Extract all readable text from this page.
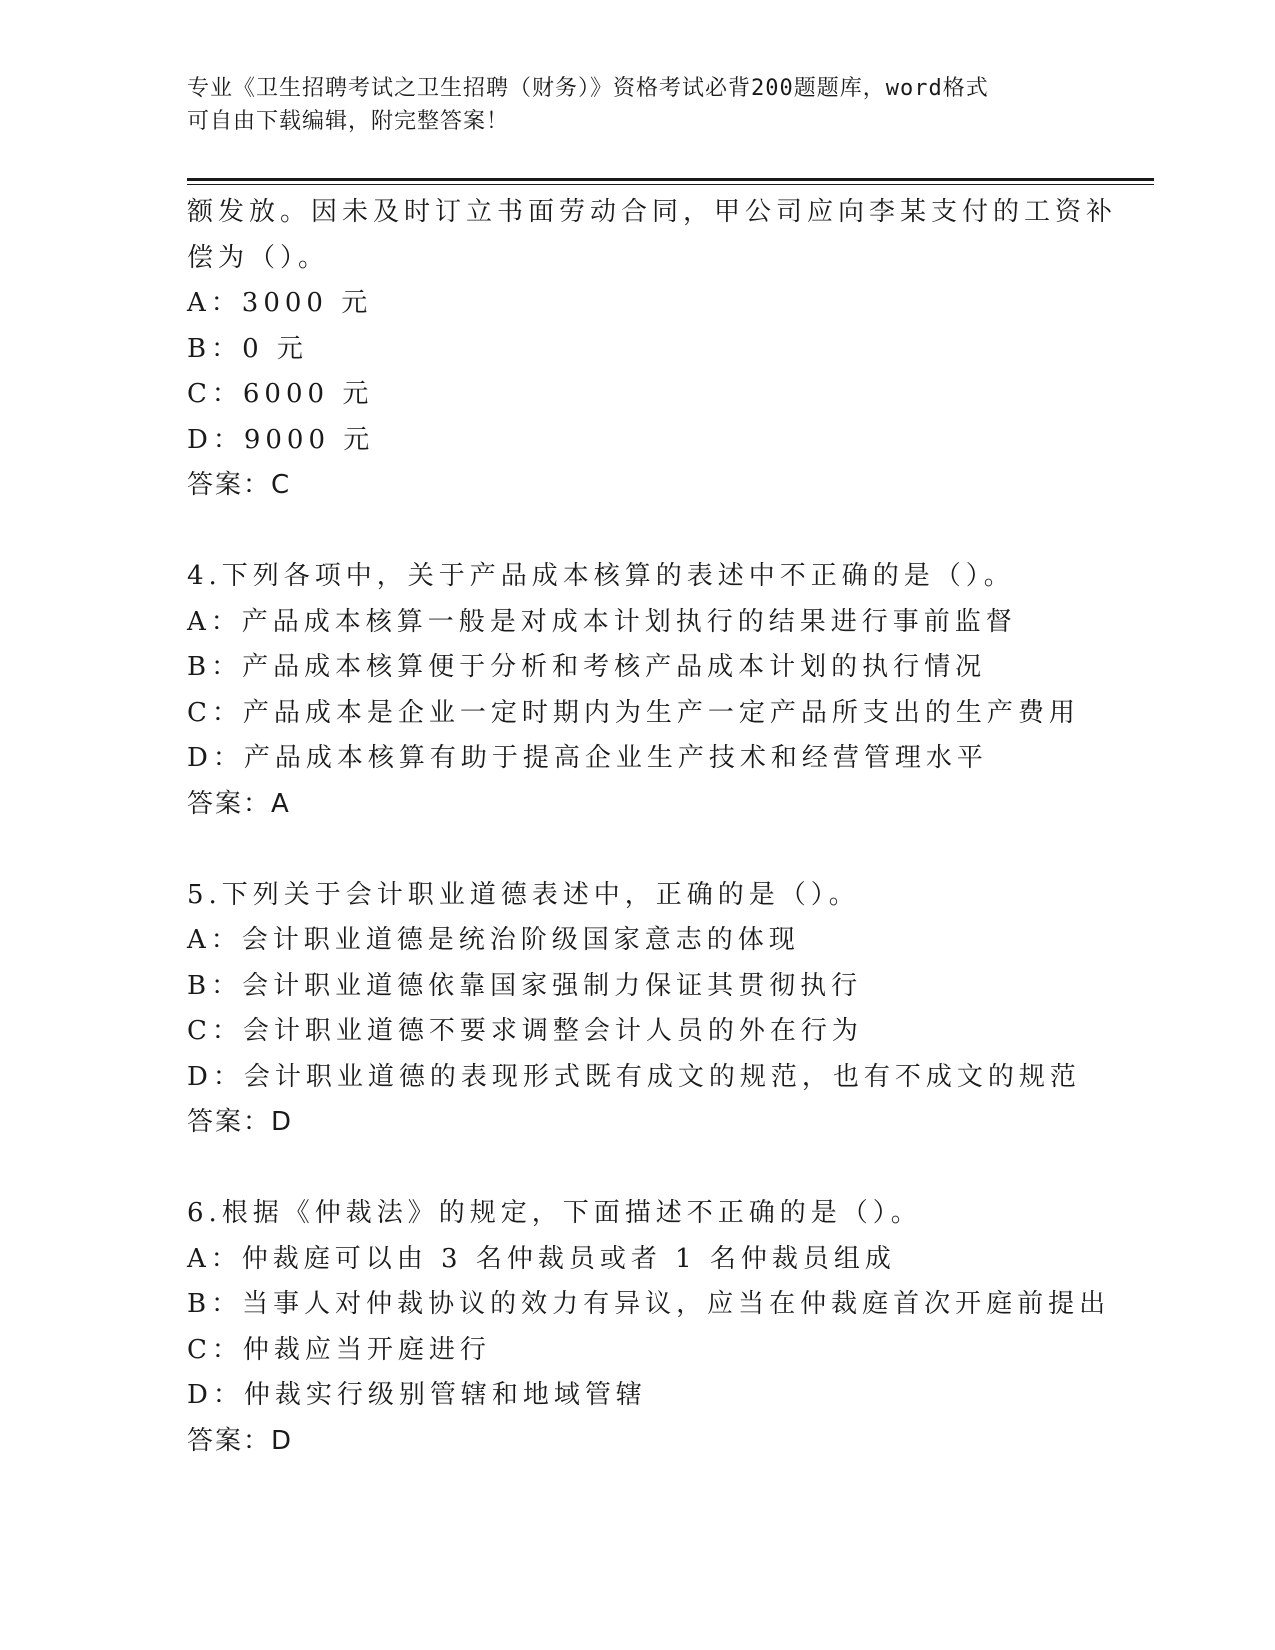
专业《卫生招聘考试之卫生招聘（财务）》资格考试必背200题题库，word格式
可自由下载编辑，附完整答案！
额发放。因未及时订立书面劳动合同，甲公司应向李某支付的工资补
偿为（）。
A：3000 元
B：0 元
C：6000 元
D：9000 元
答案：C
4.下列各项中，关于产品成本核算的表述中不正确的是（）。
A：产品成本核算一般是对成本计划执行的结果进行事前监督
B：产品成本核算便于分析和考核产品成本计划的执行情况
C：产品成本是企业一定时期内为生产一定产品所支出的生产费用
D：产品成本核算有助于提高企业生产技术和经营管理水平
答案：A
5.下列关于会计职业道德表述中，正确的是（）。
A：会计职业道德是统治阶级国家意志的体现
B：会计职业道德依靠国家强制力保证其贯彻执行
C：会计职业道德不要求调整会计人员的外在行为
D：会计职业道德的表现形式既有成文的规范，也有不成文的规范
答案：D
6.根据《仲裁法》的规定，下面描述不正确的是（）。
A：仲裁庭可以由 3 名仲裁员或者 1 名仲裁员组成
B：当事人对仲裁协议的效力有异议，应当在仲裁庭首次开庭前提出
C：仲裁应当开庭进行
D：仲裁实行级别管辖和地域管辖
答案：D
